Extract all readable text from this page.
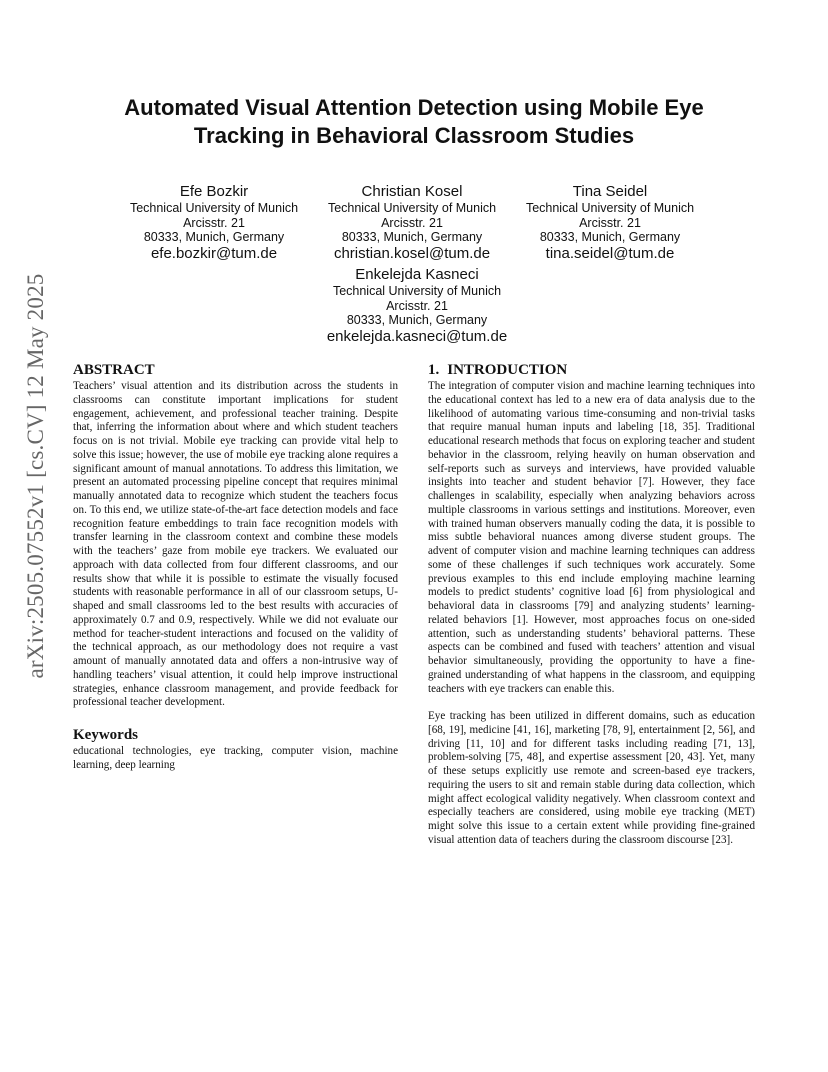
arXiv:2505.07552v1 [cs.CV] 12 May 2025
Automated Visual Attention Detection using Mobile Eye
Tracking in Behavioral Classroom Studies
Efe Bozkir
Technical University of Munich
Arcisstr. 21
80333, Munich, Germany
efe.bozkir@tum.de
Christian Kosel
Technical University of Munich
Arcisstr. 21
80333, Munich, Germany
christian.kosel@tum.de
Tina Seidel
Technical University of Munich
Arcisstr. 21
80333, Munich, Germany
tina.seidel@tum.de
Enkelejda Kasneci
Technical University of Munich
Arcisstr. 21
80333, Munich, Germany
enkelejda.kasneci@tum.de
ABSTRACT

Teachers’ visual attention and its distribution across the students in classrooms can constitute important implications for student engagement, achievement, and professional teacher training. Despite that, inferring the information about where and which student teachers focus on is not trivial. Mobile eye tracking can provide vital help to solve this issue; however, the use of mobile eye tracking alone requires a significant amount of manual annotations. To address this limitation, we present an automated processing pipeline concept that requires minimal manually annotated data to recognize which student the teachers focus on. To this end, we utilize state-of-the-art face detection models and face recognition feature embeddings to train face recognition models with transfer learning in the classroom context and combine these models with the teachers’ gaze from mobile eye trackers. We evaluated our approach with data collected from four different classrooms, and our results show that while it is possible to estimate the visually focused students with reasonable performance in all of our classroom setups, U-shaped and small classrooms led to the best results with accuracies of approximately 0.7 and 0.9, respectively. While we did not evaluate our method for teacher-student interactions and focused on the validity of the technical approach, as our methodology does not require a vast amount of manually annotated data and offers a non-intrusive way of handling teachers’ visual attention, it could help improve instructional strategies, enhance classroom management, and provide feedback for professional teacher development.

Keywords

educational technologies, eye tracking, computer vision, machine learning, deep learning

1. INTRODUCTION

The integration of computer vision and machine learning techniques into the educational context has led to a new era of data analysis due to the likelihood of automating various time-consuming and non-trivial tasks that require manual human inputs and labeling [18, 35]. Traditional educational research methods that focus on exploring teacher and student behavior in the classroom, relying heavily on human observation and self-reports such as surveys and interviews, have provided valuable insights into teacher and student behavior [7]. However, they face challenges in scalability, especially when analyzing behaviors across multiple classrooms in various settings and institutions. Moreover, even with trained human observers manually coding the data, it is possible to miss subtle behavioral nuances among diverse student groups. The advent of computer vision and machine learning techniques can address some of these challenges if such techniques work accurately. Some previous examples to this end include employing machine learning models to predict students’ cognitive load [6] from physiological and behavioral data in classrooms [79] and analyzing students’ learning-related behaviors [1]. However, most approaches focus on one-sided attention, such as understanding students’ behavioral patterns. These aspects can be combined and fused with teachers’ attention and visual behavior simultaneously, providing the opportunity to have a fine-grained understanding of what happens in the classroom, and equipping teachers with eye trackers can enable this.

Eye tracking has been utilized in different domains, such as education [68, 19], medicine [41, 16], marketing [78, 9], entertainment [2, 56], and driving [11, 10] and for different tasks including reading [71, 13], problem-solving [75, 48], and expertise assessment [20, 43]. Yet, many of these setups explicitly use remote and screen-based eye trackers, requiring the users to sit and remain stable during data collection, which might affect ecological validity negatively. When classroom context and especially teachers are considered, using mobile eye tracking (MET) might solve this issue to a certain extent while providing fine-grained visual attention data of teachers during the classroom discourse [23].
